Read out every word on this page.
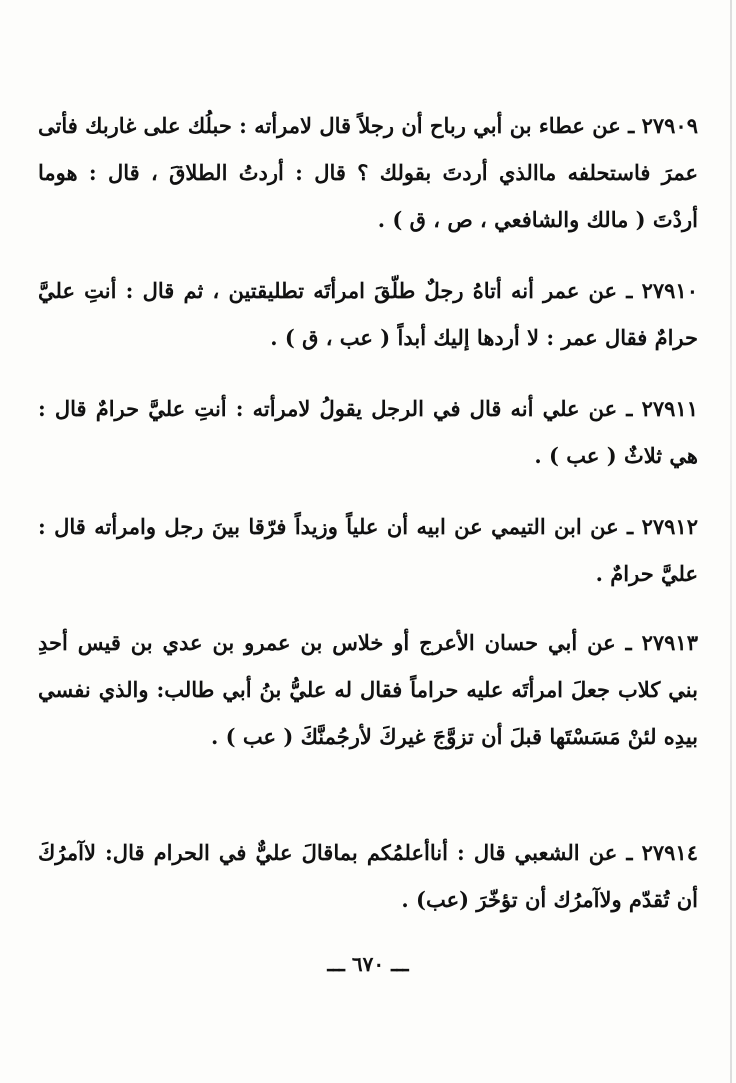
٢٧٩٠٩ ـ عن عطاء بن أبي رباح أن رجلاً قال لامرأته : حبلُك على غاربك فأتى عمرَ فاستحلفه ماالذي أردتَ بقولك ؟ قال : أردتُ الطلاقَ ، قال : هوما أردْتَ ( مالك والشافعي ، ص ، ق ) .

٢٧٩١٠ ـ عن عمر أنه أتاهُ رجلٌ طلّقَ امرأتَه تطليقتين ، ثم قال : أنتِ عليَّ حرامٌ فقال عمر : لا أردها إليك أبداً ( عب ، ق ) .

٢٧٩١١ ـ عن علي أنه قال في الرجل يقولُ لامرأته : أنتِ عليَّ حرامٌ قال : هي ثلاثٌ ( عب ) .

٢٧٩١٢ ـ عن ابن التيمي عن ابيه أن علياً وزيداً فرّقا بينَ رجل وامرأته قال : عليَّ حرامٌ .

٢٧٩١٣ ـ عن أبي حسان الأعرج أو خلاس بن عمرو بن عدي بن قيس أحدِ بني كلاب جعلَ امرأتَه عليه حراماً فقال له عليُّ بنُ أبي طالب: والذي نفسي بيدِه لئنْ مَسَسْتَها قبلَ أن تزوَّجَ غيركَ لأرجُمنَّكَ ( عب ) .

٢٧٩١٤ ـ عن الشعبي قال : أناأعلمُكم بماقالَ عليٌّ في الحرام قال: لاآمرُكَ أن تُقدّم ولاآمرُك أن تؤخّرَ (عب) .

ـــ ٦٧٠ ـــ
